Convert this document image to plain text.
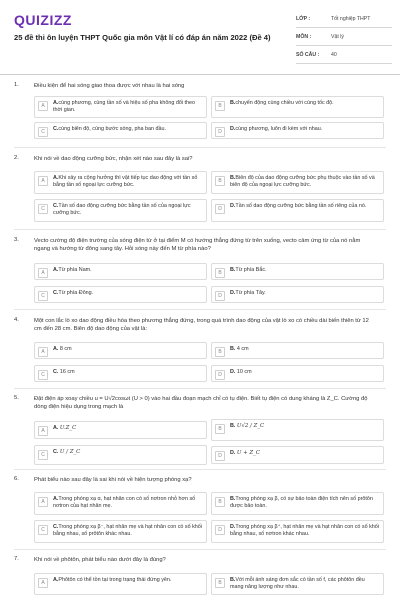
QUIZIZZ
25 đề thi ôn luyện THPT Quốc gia môn Vật lí có đáp án năm 2022 (Đề 4)
LỚP :	Tốt nghiệp THPT
MÔN :	Vật lý
SỐ CÂU :	40
1.	Điều kiện để hai sóng giao thoa được với nhau là hai sóng
A	A.cùng phương, cùng tần số và hiệu số pha không đổi theo thời gian.
B	B.chuyển động cùng chiều với cùng tốc độ.
C	C.cùng biên độ, cùng bước sóng, pha ban đầu.	D	D.cùng phương, luôn đi kèm với nhau.
2.	Khi nói về dao động cưỡng bức, nhận xét nào sau đây là sai?
A	A.Khi xảy ra cộng hưởng thì vật tiếp tục dao động với tần số bằng tần số ngoại lực cưỡng bức.
B	B.Biên độ của dao động cưỡng bức phụ thuộc vào tần số và biên độ của ngoại lực cưỡng bức.
C	C.Tần số dao động cưỡng bức bằng tần số của ngoại lực cưỡng bức.
D	D.Tần số dao động cưỡng bức bằng tần số riêng của nó.
3.	Vecto cường độ điện trường của sóng điện từ ở tại điểm M có hướng thẳng đứng từ trên xuống, vecto cảm ứng từ của nó nằm ngang và hướng từ đông sang tây. Hỏi sóng này đến M từ phía nào?
A	A.Từ phía Nam.	B	B.Từ phía Bắc.
C	C.Từ phía Đông.	D	D.Từ phía Tây.
4.	Một con lắc lò xo dao động điều hòa theo phương thẳng đứng, trong quá trình dao động của vật lò xo có chiều dài biến thiên từ 12 cm đến 28 cm. Biên độ dao động của vật là:
A	A. 8 cm	B	B. 4 cm
C	C. 16 cm	D	D. 10 cm
5.	Đặt điện áp xoay chiều u = U√2cosωt (U > 0) vào hai đầu đoạn mạch chỉ có tụ điện. Biết tụ điện có dung kháng là Z_C. Cường độ dòng điện hiệu dụng trong mạch là
A	A. U.Z_C	B	B. U√2 / Z_C
C	C. U / Z_C
D	D. U + Z_C
6.	Phát biểu nào sau đây là sai khi nói về hiện tượng phóng xạ?
A	A.Trong phóng xạ α, hạt nhân con có số nơtron nhỏ hơn số nơtron của hạt nhân mẹ.
B	B.Trong phóng xạ β, có sự bảo toàn điện tích nên số prôtôn được bảo toàn.
C	C.Trong phóng xạ β⁻, hạt nhân mẹ và hạt nhân con có số khối bằng nhau, số prôtôn khác nhau.
D	D.Trong phóng xạ β⁺, hạt nhân mẹ và hạt nhân con có số khối bằng nhau, số nơtron khác nhau.
7.	Khi nói về phôtôn, phát biểu nào dưới đây là đúng?
A	A.Phôtôn có thể tồn tại trong trạng thái đứng yên.	B	B.Với mỗi ánh sáng đơn sắc có tần số f, các phôtôn đều mang năng lượng như nhau.
